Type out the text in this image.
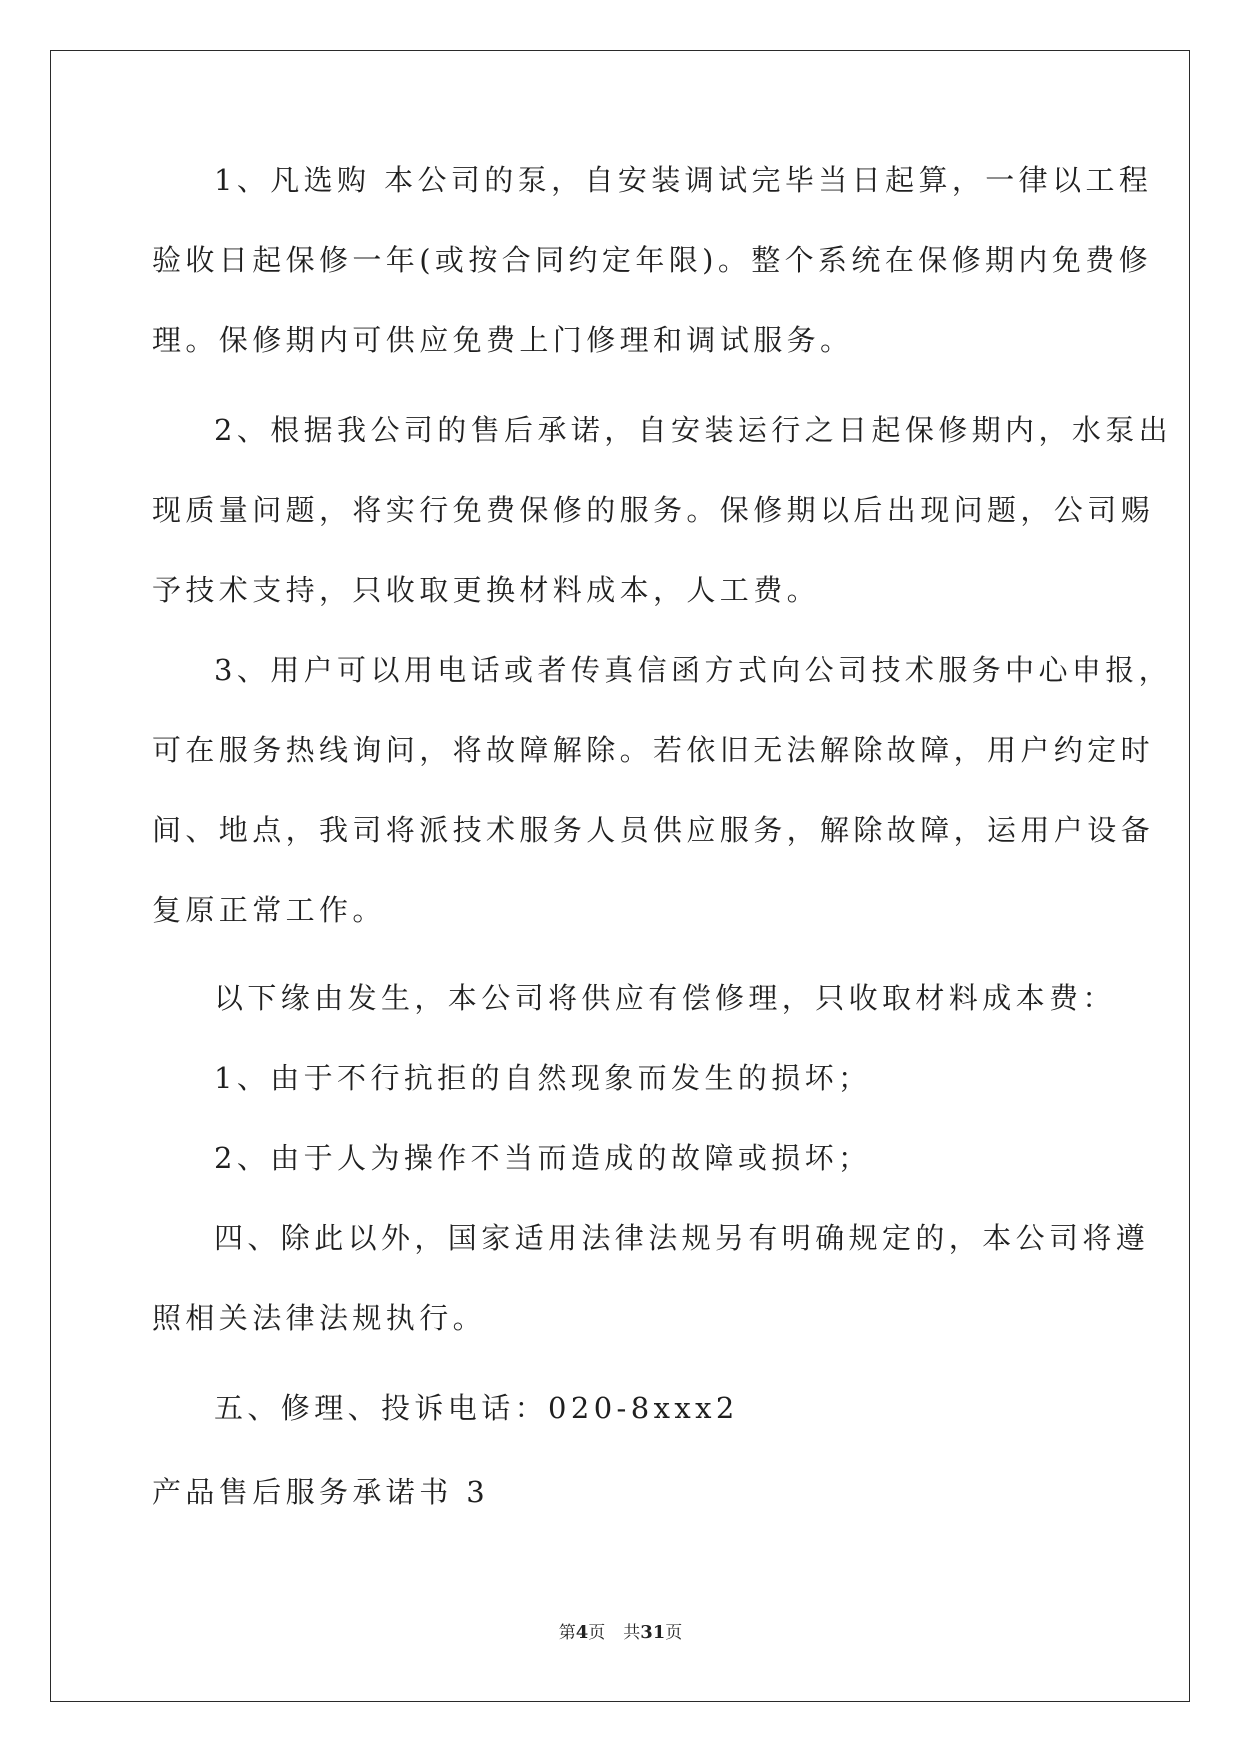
1、凡选购 本公司的泵，自安装调试完毕当日起算，一律以工程
验收日起保修一年(或按合同约定年限)。整个系统在保修期内免费修
理。保修期内可供应免费上门修理和调试服务。
2、根据我公司的售后承诺，自安装运行之日起保修期内，水泵出
现质量问题，将实行免费保修的服务。保修期以后出现问题，公司赐
予技术支持，只收取更换材料成本，人工费。
3、用户可以用电话或者传真信函方式向公司技术服务中心申报，
可在服务热线询问，将故障解除。若依旧无法解除故障，用户约定时
间、地点，我司将派技术服务人员供应服务，解除故障，运用户设备
复原正常工作。
以下缘由发生，本公司将供应有偿修理，只收取材料成本费：
1、由于不行抗拒的自然现象而发生的损坏；
2、由于人为操作不当而造成的故障或损坏；
四、除此以外，国家适用法律法规另有明确规定的，本公司将遵
照相关法律法规执行。
五、修理、投诉电话：020-8xxx2
产品售后服务承诺书 3
第4页 共31页
